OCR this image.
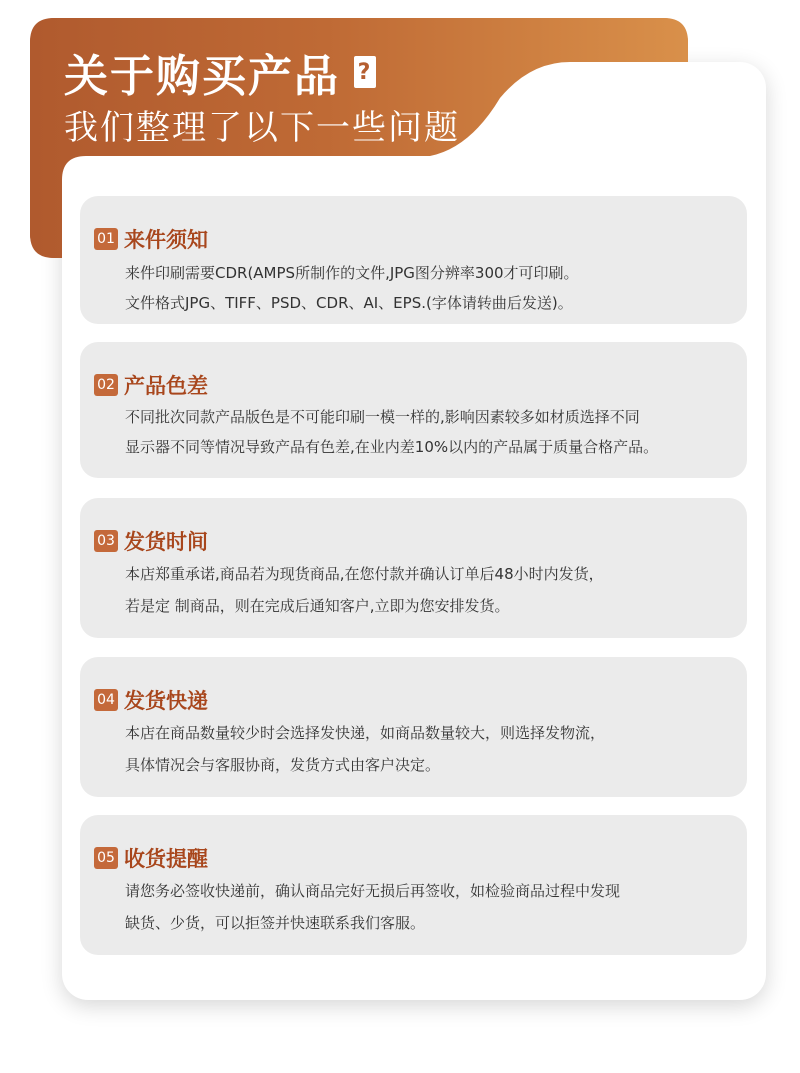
关于购买产品 ?
我们整理了以下一些问题
01 来件须知
来件印刷需要CDR(AMPS所制作的文件,JPG图分辨率300才可印刷。
文件格式JPG、TIFF、PSD、CDR、AI、EPS.(字体请转曲后发送)。
02 产品色差
不同批次同款产品版色是不可能印刷一模一样的,影响因素较多如材质选择不同
显示器不同等情况导致产品有色差,在业内差10%以内的产品属于质量合格产品。
03 发货时间
本店郑重承诺,商品若为现货商品,在您付款并确认订单后48小时内发货，
若是定 制商品，则在完成后通知客户,立即为您安排发货。
04 发货快递
本店在商品数量较少时会选择发快递，如商品数量较大，则选择发物流，
具体情况会与客服协商，发货方式由客户决定。
05 收货提醒
请您务必签收快递前，确认商品完好无损后再签收，如检验商品过程中发现
缺货、少货，可以拒签并快速联系我们客服。
